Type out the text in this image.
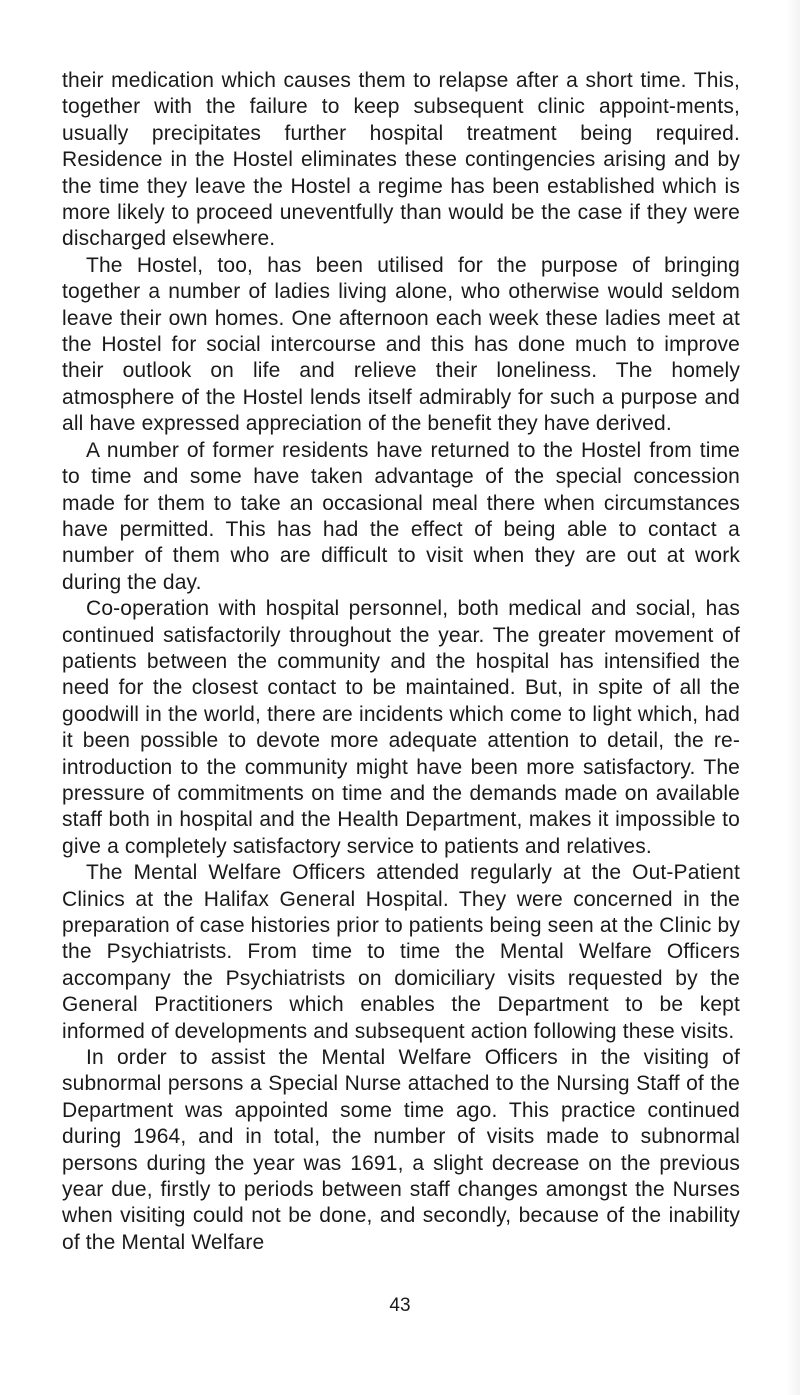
their medication which causes them to relapse after a short time. This, together with the failure to keep subsequent clinic appoint-ments, usually precipitates further hospital treatment being required. Residence in the Hostel eliminates these contingencies arising and by the time they leave the Hostel a regime has been established which is more likely to proceed uneventfully than would be the case if they were discharged elsewhere.

The Hostel, too, has been utilised for the purpose of bringing together a number of ladies living alone, who otherwise would seldom leave their own homes. One afternoon each week these ladies meet at the Hostel for social intercourse and this has done much to improve their outlook on life and relieve their loneliness. The homely atmosphere of the Hostel lends itself admirably for such a purpose and all have expressed appreciation of the benefit they have derived.

A number of former residents have returned to the Hostel from time to time and some have taken advantage of the special concession made for them to take an occasional meal there when circumstances have permitted. This has had the effect of being able to contact a number of them who are difficult to visit when they are out at work during the day.

Co-operation with hospital personnel, both medical and social, has continued satisfactorily throughout the year. The greater movement of patients between the community and the hospital has intensified the need for the closest contact to be maintained. But, in spite of all the goodwill in the world, there are incidents which come to light which, had it been possible to devote more adequate attention to detail, the re-introduction to the community might have been more satisfactory. The pressure of commitments on time and the demands made on available staff both in hospital and the Health Department, makes it impossible to give a completely satisfactory service to patients and relatives.

The Mental Welfare Officers attended regularly at the Out-Patient Clinics at the Halifax General Hospital. They were concerned in the preparation of case histories prior to patients being seen at the Clinic by the Psychiatrists. From time to time the Mental Welfare Officers accompany the Psychiatrists on domiciliary visits requested by the General Practitioners which enables the Department to be kept informed of developments and subsequent action following these visits.

In order to assist the Mental Welfare Officers in the visiting of subnormal persons a Special Nurse attached to the Nursing Staff of the Department was appointed some time ago. This practice continued during 1964, and in total, the number of visits made to subnormal persons during the year was 1691, a slight decrease on the previous year due, firstly to periods between staff changes amongst the Nurses when visiting could not be done, and secondly, because of the inability of the Mental Welfare

43
